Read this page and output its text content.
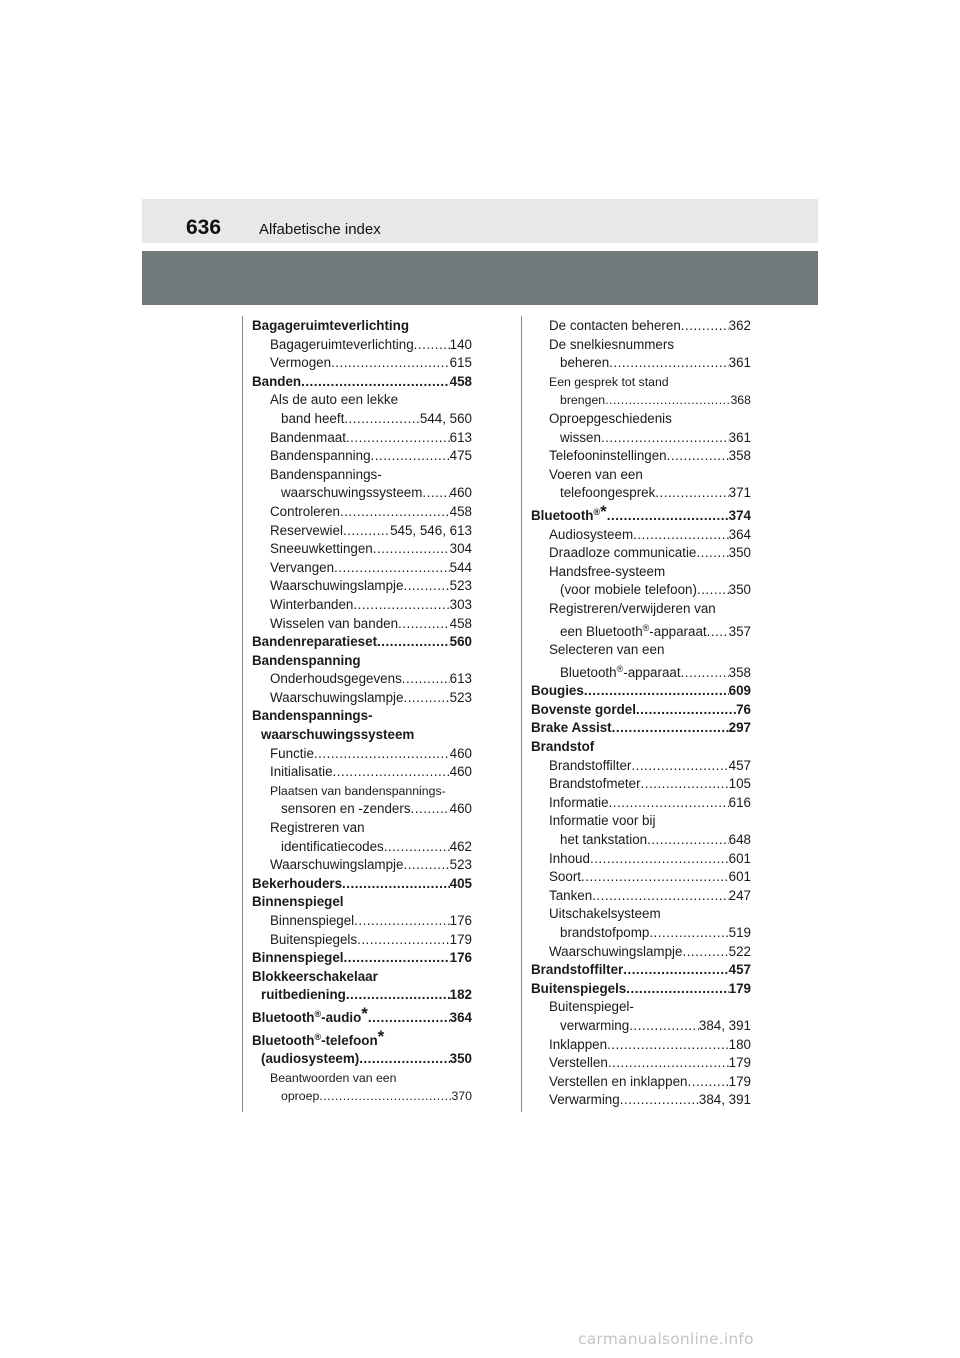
636	Alfabetische index
Bagageruimteverlichting
Bagageruimteverlichting .....	140
Vermogen .....	615
Banden .....	458
Als de auto een lekke
band heeft .....	544, 560
Bandenmaat .....	613
Bandenspanning .....	475
Bandenspannings-
waarschuwingssysteem ..... 460
Controleren .....	458
Reservewiel .....	545, 546, 613
Sneeuwkettingen .....	304
Vervangen .....	544
Waarschuwingslampje .....	523
Winterbanden .....	303
Wisselen van banden .....	458
Bandenreparatieset .....	560
Bandenspanning
Onderhoudsgegevens .....	613
Waarschuwingslampje .....	523
Bandenspannings-
waarschuwingssysteem
Functie .....	460
Initialisatie .....	460
Plaatsen van bandenspannings-
sensoren en -zenders .....	460
Registreren van
identificatiecodes .....	462
Waarschuwingslampje .....	523
Bekerhouders .....	405
Binnenspiegel
Binnenspiegel .....	176
Buitenspiegels .....	179
Binnenspiegel .....	176
Blokkeerschakelaar
ruitbediening .....	182
Bluetooth®-audio* .....	364
Bluetooth®-telefoon*
(audiosysteem) .....	350
Beantwoorden van een
oproep .....	370
De contacten beheren .....	362
De snelkiesnummers
beheren .....	361
Een gesprek tot stand
brengen .....	368
Oproepgeschiedenis
wissen .....	361
Telefooninstellingen .....	358
Voeren van een
telefoongesprek .....	371
Bluetooth®* .....	374
Audiosysteem .....	364
Draadloze communicatie ..... 350
Handsfree-systeem
(voor mobiele telefoon) ..... 350
Registreren/verwijderen van
een Bluetooth®-apparaat ..... 357
Selecteren van een
Bluetooth®-apparaat .....	358
Bougies .....	609
Bovenste gordel .....	76
Brake Assist .....	297
Brandstof
Brandstoffilter .....	457
Brandstofmeter .....	105
Informatie .....	616
Informatie voor bij
het tankstation .....	648
Inhoud .....	601
Soort .....	601
Tanken .....	247
Uitschakelsysteem
brandstofpomp .....	519
Waarschuwingslampje .....	522
Brandstoffilter .....	457
Buitenspiegels .....	179
Buitenspiegel-
verwarming .....	384, 391
Inklappen .....	180
Verstellen .....	179
Verstellen en inklappen .....	179
Verwarming .....	384, 391
carmanualsonline.info
